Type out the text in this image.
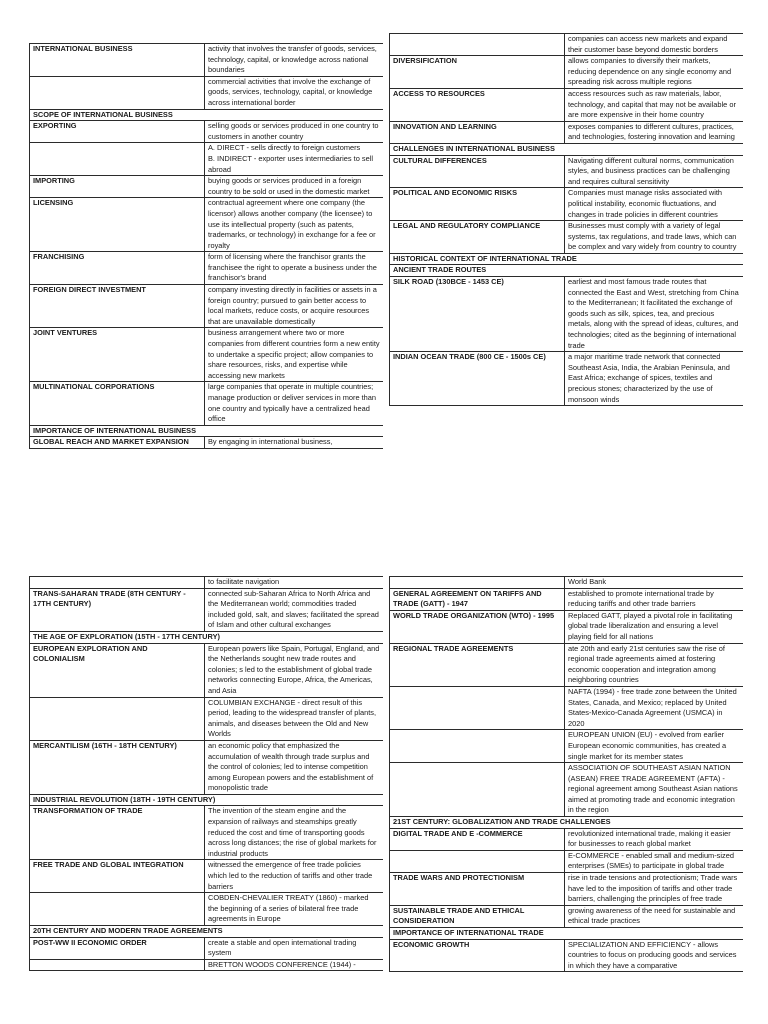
INTERNATIONAL BUSINESS	activity that involves the transfer of goods, services, technology, capital, or knowledge across national boundaries
	commercial activities that involve the exchange of goods, services, technology, capital, or knowledge across international border
SCOPE OF INTERNATIONAL BUSINESS	
EXPORTING	selling goods or services produced in one country to customers in another country
	A. DIRECT - sells directly to foreign customers
B. INDIRECT - exporter uses intermediaries to sell abroad
IMPORTING	buying goods or services produced in a foreign country to be sold or used in the domestic market
LICENSING	contractual agreement where one company (the licensor) allows another company (the licensee) to use its intellectual property (such as patents, trademarks, or technology) in exchange for a fee or royalty
FRANCHISING	form of licensing where the franchisor grants the franchisee the right to operate a business under the franchisor's brand
FOREIGN DIRECT INVESTMENT	company investing directly in facilities or assets in a foreign country; pursued to gain better access to local markets, reduce costs, or acquire resources that are unavailable domestically
JOINT VENTURES	business arrangement where two or more companies from different countries form a new entity to undertake a specific project; allow companies to share resources, risks, and expertise while accessing new markets
MULTINATIONAL CORPORATIONS	large companies that operate in multiple countries; manage production or deliver services in more than one country and typically have a centralized head office
IMPORTANCE OF INTERNATIONAL BUSINESS	
GLOBAL REACH AND MARKET EXPANSION	By engaging in international business,
	companies can access new markets and expand their customer base beyond domestic borders
DIVERSIFICATION	allows companies to diversify their markets, reducing dependence on any single economy and spreading risk across multiple regions
ACCESS TO RESOURCES	access resources such as raw materials, labor, technology, and capital that may not be available or are more expensive in their home country
INNOVATION AND LEARNING	exposes companies to different cultures, practices, and technologies, fostering innovation and learning
CHALLENGES IN INTERNATIONAL BUSINESS	
CULTURAL DIFFERENCES	Navigating different cultural norms, communication styles, and business practices can be challenging and requires cultural sensitivity
POLITICAL AND ECONOMIC RISKS	Companies must manage risks associated with political instability, economic fluctuations, and changes in trade policies in different countries
LEGAL AND REGULATORY COMPLIANCE	Businesses must comply with a variety of legal systems, tax regulations, and trade laws, which can be complex and vary widely from country to country
HISTORICAL CONTEXT OF INTERNATIONAL TRADE	
ANCIENT TRADE ROUTES	
SILK ROAD (130BCE - 1453 CE)	earliest and most famous trade routes that connected the East and West, stretching from China to the Mediterranean; It facilitated the exchange of goods such as silk, spices, tea, and precious metals, along with the spread of ideas, cultures, and technologies; cited as the beginning of international trade
INDIAN OCEAN TRADE (800 CE - 1500s CE)	a major maritime trade network that connected Southeast Asia, India, the Arabian Peninsula, and East Africa; exchange of spices, textiles and precious stones; characterized by the use of monsoon winds
	to facilitate navigation
TRANS-SAHARAN TRADE (8TH CENTURY - 17TH CENTURY)	connected sub-Saharan Africa to North Africa and the Mediterranean world; commodities traded included gold, salt, and slaves; facilitated the spread of Islam and other cultural exchanges
THE AGE OF EXPLORATION (15TH - 17TH CENTURY)	
EUROPEAN EXPLORATION AND COLONIALISM	European powers like Spain, Portugal, England, and the Netherlands sought new trade routes and colonies; s led to the establishment of global trade networks connecting Europe, Africa, the Americas, and Asia
	COLUMBIAN EXCHANGE - direct result of this period, leading to the widespread transfer of plants, animals, and diseases between the Old and New Worlds
MERCANTILISM (16TH - 18TH CENTURY)	an economic policy that emphasized the accumulation of wealth through trade surplus and the control of colonies; led to intense competition among European powers and the establishment of monopolistic trade
INDUSTRIAL REVOLUTION (18TH - 19TH CENTURY)	
TRANSFORMATION OF TRADE	The invention of the steam engine and the expansion of railways and steamships greatly reduced the cost and time of transporting goods across long distances; the rise of global markets for industrial products
FREE TRADE AND GLOBAL INTEGRATION	witnessed the emergence of free trade policies which led to the reduction of tariffs and other trade barriers
	COBDEN-CHEVALIER TREATY (1860) - marked the beginning of a series of bilateral free trade agreements in Europe
20TH CENTURY AND MODERN TRADE AGREEMENTS	
POST-WW II ECONOMIC ORDER	create a stable and open international trading system
	BRETTON WOODS CONFERENCE (1944) -
	World Bank
GENERAL AGREEMENT ON TARIFFS AND TRADE (GATT) - 1947	established to promote international trade by reducing tariffs and other trade barriers
WORLD TRADE ORGANIZATION (WTO) - 1995	Replaced GATT, played a pivotal role in facilitating global trade liberalization and ensuring a level playing field for all nations
REGIONAL TRADE AGREEMENTS	ate 20th and early 21st centuries saw the rise of regional trade agreements aimed at fostering economic cooperation and integration among neighboring countries
	NAFTA (1994) - free trade zone between the United States, Canada, and Mexico; replaced by United States-Mexico-Canada Agreement (USMCA) in 2020
	EUROPEAN UNION (EU) - evolved from earlier European economic communities, has created a single market for its member states
	ASSOCIATION OF SOUTHEAST ASIAN NATION (ASEAN) FREE TRADE AGREEMENT (AFTA) - regional agreement among Southeast Asian nations aimed at promoting trade and economic integration in the region
21ST CENTURY: GLOBALIZATION AND TRADE CHALLENGES	
DIGITAL TRADE AND E -COMMERCE	revolutionized international trade, making it easier for businesses to reach global market
	E-COMMERCE - enabled small and medium-sized enterprises (SMEs) to participate in global trade
TRADE WARS AND PROTECTIONISM	rise in trade tensions and protectionism; Trade wars have led to the imposition of tariffs and other trade barriers, challenging the principles of free trade
SUSTAINABLE TRADE AND ETHICAL CONSIDERATION	growing awareness of the need for sustainable and ethical trade practices
IMPORTANCE OF INTERNATIONAL TRADE	
ECONOMIC GROWTH	SPECIALIZATION AND EFFICIENCY - allows countries to focus on producing goods and services in which they have a comparative
